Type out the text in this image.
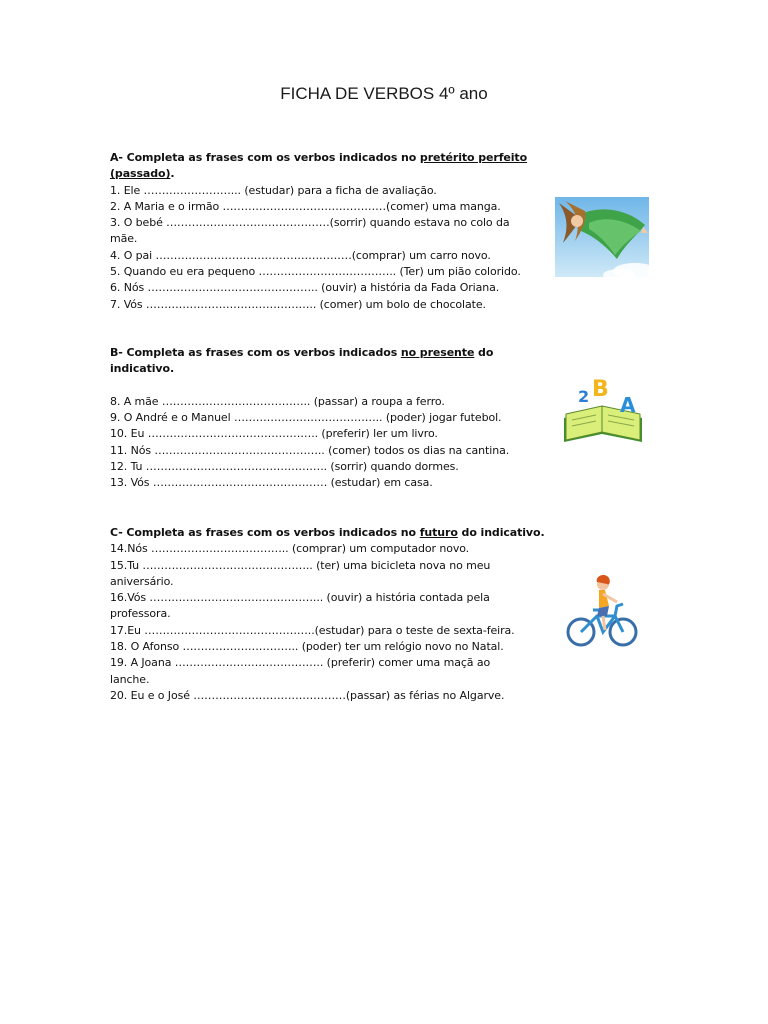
FICHA DE VERBOS 4º ano
A- Completa as frases com os verbos indicados no pretérito perfeito
(passado).
1. Ele ……………………... (estudar) para a ficha de avaliação.
2. A Maria e o irmão ………………………………………(comer) uma manga.
3. O bebé ………………………………………(sorrir) quando estava no colo da
mãe.
4. O pai ………………………………………………(comprar) um carro novo.
5. Quando eu era pequeno ……………………………….. (Ter) um pião colorido.
6. Nós ……………………………………….. (ouvir) a história da Fada Oriana.
7. Vós ……………………………………….. (comer) um bolo de chocolate.
B- Completa as frases com os verbos indicados no presente do
indicativo.
8. A mãe ………………………………….. (passar) a roupa a ferro.
9. O André e o Manuel ………………………………….. (poder) jogar futebol.
10. Eu ……………………………………….. (preferir) ler um livro.
11. Nós ……………………………………….. (comer) todos os dias na cantina.
12. Tu ………………………………………….. (sorrir) quando dormes.
13. Vós ………………………………………… (estudar) em casa.
C- Completa as frases com os verbos indicados no futuro do indicativo.
14.Nós ……………………………….. (comprar) um computador novo.
15.Tu ……………………………………….. (ter) uma bicicleta nova no meu
aniversário.
16.Vós ………………………………………... (ouvir) a história contada pela
professora.
17.Eu ………………………………………..(estudar) para o teste de sexta-feira.
18. O Afonso ………………………….. (poder) ter um relógio novo no Natal.
19. A Joana ………………………………….. (preferir) comer uma maçã ao
lanche.
20. Eu e o José ……………………………………(passar) as férias no Algarve.
2 B
A
